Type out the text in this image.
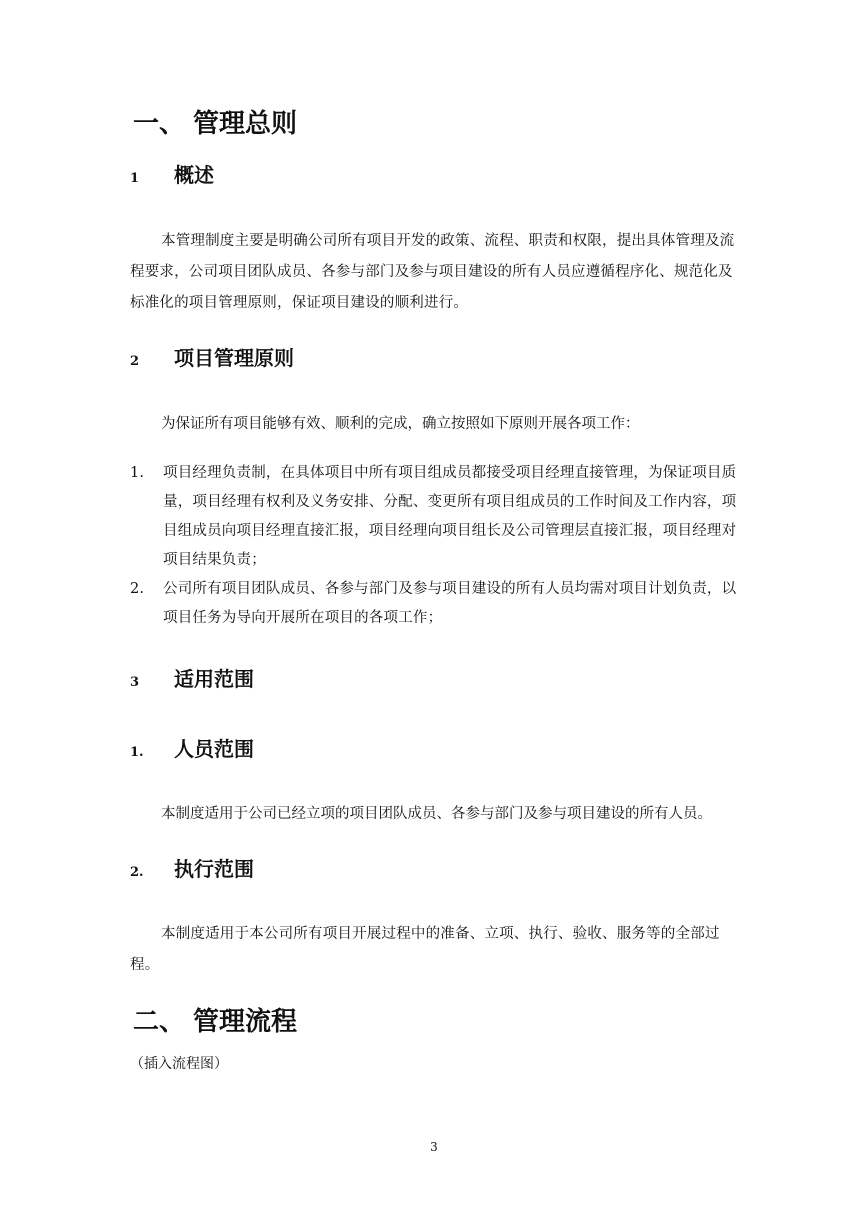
一、 管理总则
1 概述
本管理制度主要是明确公司所有项目开发的政策、流程、职责和权限，提出具体管理及流程要求，公司项目团队成员、各参与部门及参与项目建设的所有人员应遵循程序化、规范化及标准化的项目管理原则，保证项目建设的顺利进行。
2 项目管理原则
为保证所有项目能够有效、顺利的完成，确立按照如下原则开展各项工作：
1. 项目经理负责制，在具体项目中所有项目组成员都接受项目经理直接管理，为保证项目质量，项目经理有权利及义务安排、分配、变更所有项目组成员的工作时间及工作内容，项目组成员向项目经理直接汇报，项目经理向项目组长及公司管理层直接汇报，项目经理对项目结果负责；
2. 公司所有项目团队成员、各参与部门及参与项目建设的所有人员均需对项目计划负责，以项目任务为导向开展所在项目的各项工作；
3 适用范围
1. 人员范围
本制度适用于公司已经立项的项目团队成员、各参与部门及参与项目建设的所有人员。
2. 执行范围
本制度适用于本公司所有项目开展过程中的准备、立项、执行、验收、服务等的全部过程。
二、 管理流程
（插入流程图）
3
